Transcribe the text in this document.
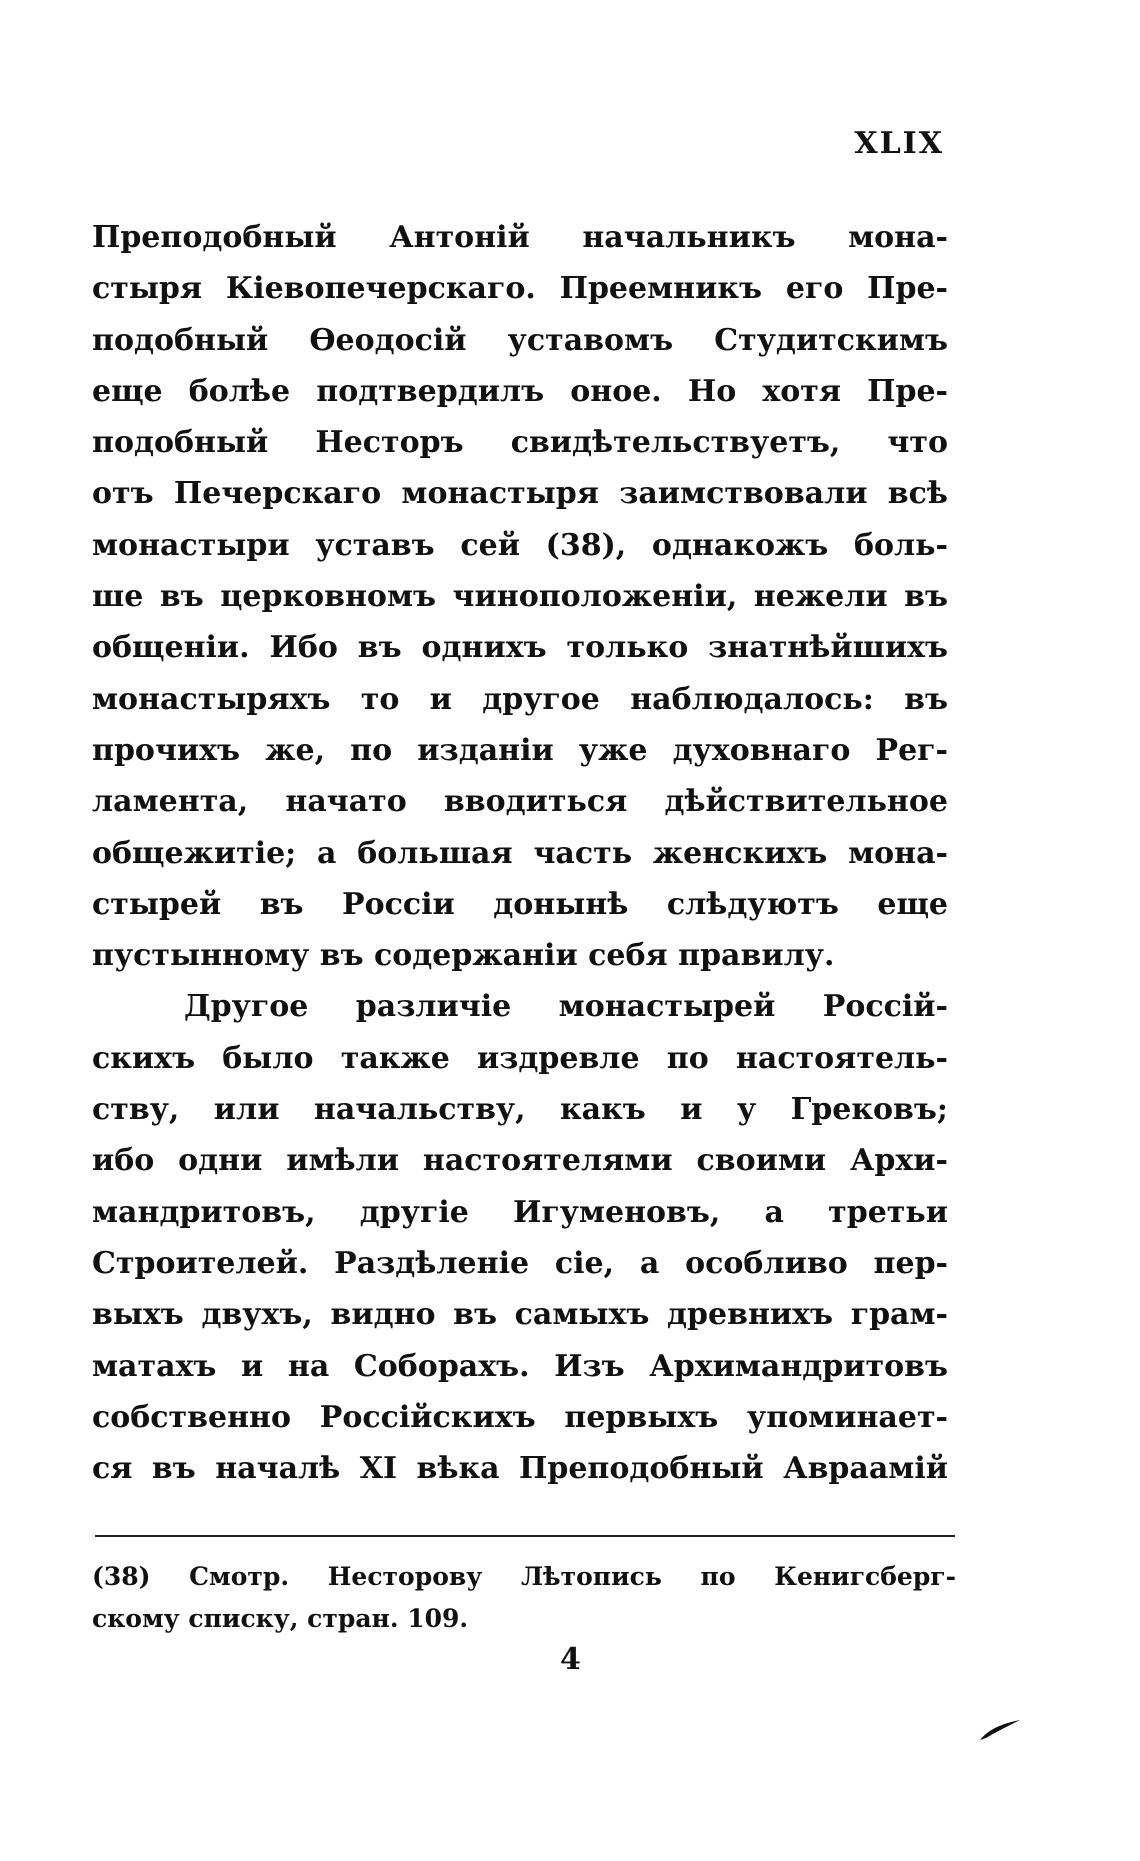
XLIX
Преподобный Антоній начальникъ мона-
стыря Кіевопечерскаго. Преемникъ его Пре-
подобный Ѳеодосій уставомъ Студитскимъ
еще болѣе подтвердилъ оное. Но хотя Пре-
подобный Несторъ свидѣтельствуетъ, что
отъ Печерскаго монастыря заимствовали всѣ
монастыри уставъ сей (38), однакожъ боль-
ше въ церковномъ чиноположеніи, нежели въ
общеніи. Ибо въ однихъ только знатнѣйшихъ
монастыряхъ то и другое наблюдалось: въ
прочихъ же, по изданіи уже духовнаго Рег-
ламента, начато вводиться дѣйствительное
общежитіе; а большая часть женскихъ мона-
стырей въ Россіи донынѣ слѣдуютъ еще
пустынному въ содержаніи себя правилу.
Другое различіе монастырей Россій-
скихъ было также издревле по настоятель-
ству, или начальству, какъ и у Грековъ;
ибо одни имѣли настоятелями своими Архи-
мандритовъ, другіе Игуменовъ, а третьи
Строителей. Раздѣленіе сіе, а особливо пер-
выхъ двухъ, видно въ самыхъ древнихъ грам-
матахъ и на Соборахъ. Изъ Архимандритовъ
собственно Россійскихъ первыхъ упоминает-
ся въ началѣ XI вѣка Преподобный Авраамій
(38) Смотр. Несторову Лѣтопись по Кенигсберг-
скому списку, стран. 109.
4
